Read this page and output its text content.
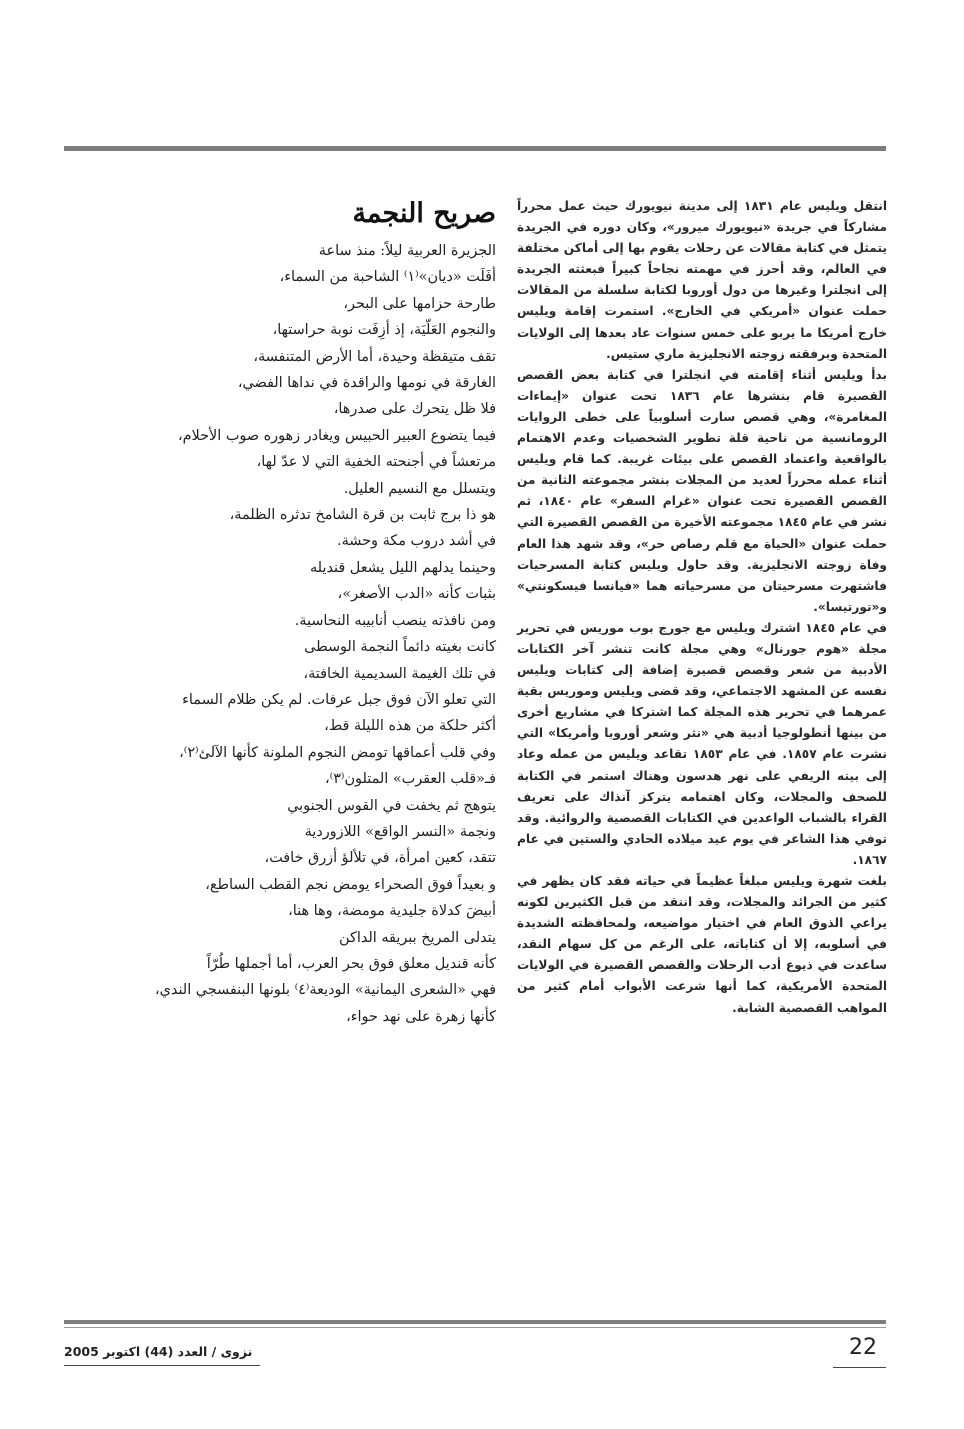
انتقل ويليس عام ١٨٣١ إلى مدينة نيويورك حيث عمل محرراً مشاركاً في جريدة «نيويورك ميرور»، وكان دوره في الجريدة يتمثل في كتابة مقالات عن رحلات يقوم بها إلى أماكن مختلفة في العالم، وقد أحرز في مهمته نجاحاً كبيراً فبعثته الجريدة إلى انجلترا وغيرها من دول أوروبا لكتابة سلسلة من المقالات حملت عنوان «أمريكي في الخارج». استمرت إقامة ويليس خارج أمريكا ما يربو على خمس سنوات عاد بعدها إلى الولايات المتحدة وبرفقته زوجته الانجليزية ماري ستيس.

بدأ ويليس أثناء إقامته في انجلترا في كتابة بعض القصص القصيرة قام بنشرها عام ١٨٣٦ تحت عنوان «إيماءات المغامرة»، وهي قصص سارت أسلوبياً على خطى الروايات الرومانسية من ناحية قلة تطوير الشخصيات وعدم الاهتمام بالواقعية واعتماد القصص على بيئات غريبة. كما قام ويليس أثناء عمله محرراً لعديد من المجلات بنشر مجموعته الثانية من القصص القصيرة تحت عنوان «غرام السفر» عام ١٨٤٠، ثم نشر في عام ١٨٤٥ مجموعته الأخيرة من القصص القصيرة التي حملت عنوان «الحياة مع قلم رصاص حر»، وقد شهد هذا العام وفاة زوجته الانجليزية. وقد حاول ويليس كتابة المسرحيات فاشتهرت مسرحيتان من مسرحياته هما «فيانسا فيسكونتي» و«تورتيسا».

في عام ١٨٤٥ اشترك ويليس مع جورج بوب موريس في تحرير مجلة «هوم جورنال» وهي مجلة كانت تنشر آخر الكتابات الأدبية من شعر وقصص قصيرة إضافة إلى كتابات ويليس نفسه عن المشهد الاجتماعي، وقد قضى ويليس وموريس بقية عمرهما في تحرير هذه المجلة كما اشتركا في مشاريع أخرى من بينها أنطولوجيا أدبية هي «نثر وشعر أوروبا وأمريكا» التي نشرت عام ١٨٥٧. في عام ١٨٥٣ تقاعد ويليس من عمله وعاد إلى بيته الريفي على نهر هدسون وهناك استمر في الكتابة للصحف والمجلات، وكان اهتمامه يتركز آنذاك على تعريف القراء بالشباب الواعدين في الكتابات القصصية والروائية. وقد توفي هذا الشاعر في يوم عيد ميلاده الحادي والستين في عام ١٨٦٧.

بلغت شهرة ويليس مبلغاً عظيماً في حياته فقد كان يظهر في كثير من الجرائد والمجلات، وقد انتقد من قبل الكثيرين لكونه يراعي الذوق العام في اختيار مواضيعه، ولمحافظته الشديدة في أسلوبه، إلا أن كتاباته، على الرغم من كل سهام النقد، ساعدت في ذيوع أدب الرحلات والقصص القصيرة في الولايات المتحدة الأمريكية، كما أنها شرعت الأبواب أمام كثير من المواهب القصصية الشابة.

صريح النجمة
الجزيرة العربية ليلاً: منذ ساعة
أفَلَت «ديان»⁽١⁾ الشاحبة من السماء،
طارحة حزامها على البحر،
والنجوم العَلّيَة، إذ أزِفَت نوبة حراستها،
تقف متيقظة وحيدة، أما الأرض المتنفسة،
الغارقة في نومها والراقدة في نداها الفضي،
فلا ظل يتحرك على صدرها،
فيما يتضوع العبير الحبيس ويغادر زهوره صوب الأحلام،
مرتعشاً في أجنحته الخفية التي لا عدّ لها،
ويتسلل مع النسيم العليل.
هو ذا برج ثابت بن قرة الشامخ تدثره الظلمة،
في أشد دروب مكة وحشة.
وحينما يدلهم الليل يشعل قنديله
بثبات كأنه «الدب الأصغر»،
ومن نافذته ينصب أنابيبه النحاسية.
كانت بغيته دائماً النجمة الوسطى
في تلك الغيمة السديمية الخافتة،
التي تعلو الآن فوق جبل عرفات. لم يكن ظلام السماء
أكثر حلكة من هذه الليلة قط،
وفي قلب أعماقها تومض النجوم الملونة كأنها الآلئ⁽٢⁾،
فـ«قلب العقرب» المتلون⁽٣⁾،
يتوهج ثم يخفت في القوس الجنوبي
ونجمة «النسر الواقع» اللازوردية
تتقد، كعين امرأة، في تلألؤ أزرق خافت،
و بعيداً فوق الصحراء يومض نجم القطب الساطع،
أبيضَ كدلاة جليدية مومضة، وها هنا،
يتدلى المريخ ببريقه الداكن
كأنه قنديل معلق فوق بحر العرب، أما أجملها طُرّاً
فهي «الشعرى اليمانية» الوديعة⁽٤⁾ بلونها البنفسجي الندي،
كأنها زهرة على نهد حواء،
22
نزوى / العدد (44) اكتوبر 2005
